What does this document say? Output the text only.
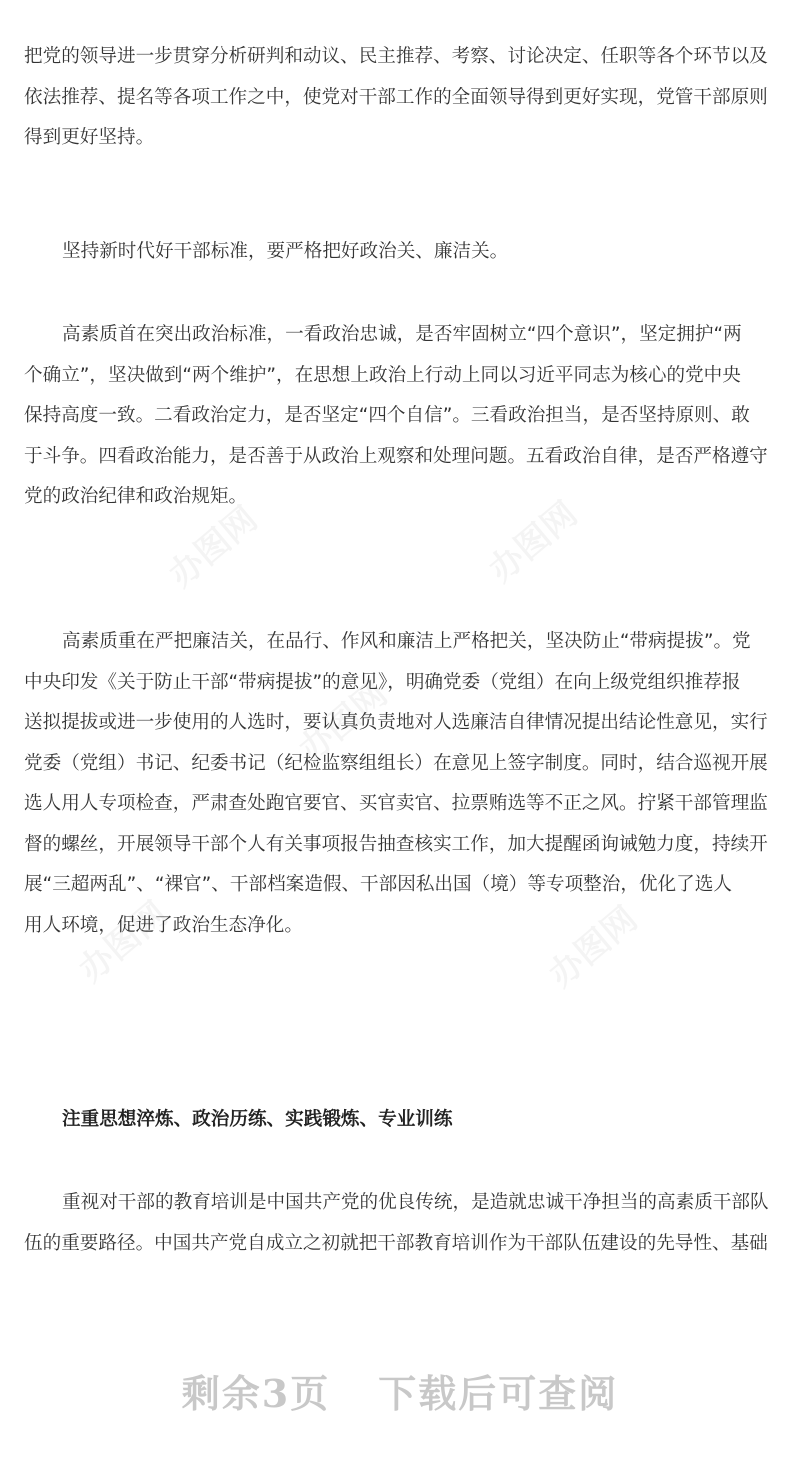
把党的领导进一步贯穿分析研判和动议、民主推荐、考察、讨论决定、任职等各个环节以及
依法推荐、提名等各项工作之中，使党对干部工作的全面领导得到更好实现，党管干部原则
得到更好坚持。

坚持新时代好干部标准，要严格把好政治关、廉洁关。

高素质首在突出政治标准，一看政治忠诚，是否牢固树立“四个意识”，坚定拥护“两
个确立”，坚决做到“两个维护”，在思想上政治上行动上同以习近平同志为核心的党中央
保持高度一致。二看政治定力，是否坚定“四个自信”。三看政治担当，是否坚持原则、敢
于斗争。四看政治能力，是否善于从政治上观察和处理问题。五看政治自律，是否严格遵守
党的政治纪律和政治规矩。

高素质重在严把廉洁关，在品行、作风和廉洁上严格把关，坚决防止“带病提拔”。党
中央印发《关于防止干部“带病提拔”的意见》，明确党委（党组）在向上级党组织推荐报
送拟提拔或进一步使用的人选时，要认真负责地对人选廉洁自律情况提出结论性意见，实行
党委（党组）书记、纪委书记（纪检监察组组长）在意见上签字制度。同时，结合巡视开展
选人用人专项检查，严肃查处跑官要官、买官卖官、拉票贿选等不正之风。拧紧干部管理监
督的螺丝，开展领导干部个人有关事项报告抽查核实工作，加大提醒函询诫勉力度，持续开
展“三超两乱”、“裸官”、干部档案造假、干部因私出国（境）等专项整治，优化了选人
用人环境，促进了政治生态净化。

注重思想淬炼、政治历练、实践锻炼、专业训练

重视对干部的教育培训是中国共产党的优良传统，是造就忠诚干净担当的高素质干部队
伍的重要路径。中国共产党自成立之初就把干部教育培训作为干部队伍建设的先导性、基础

剩余3页 下载后可查阅
